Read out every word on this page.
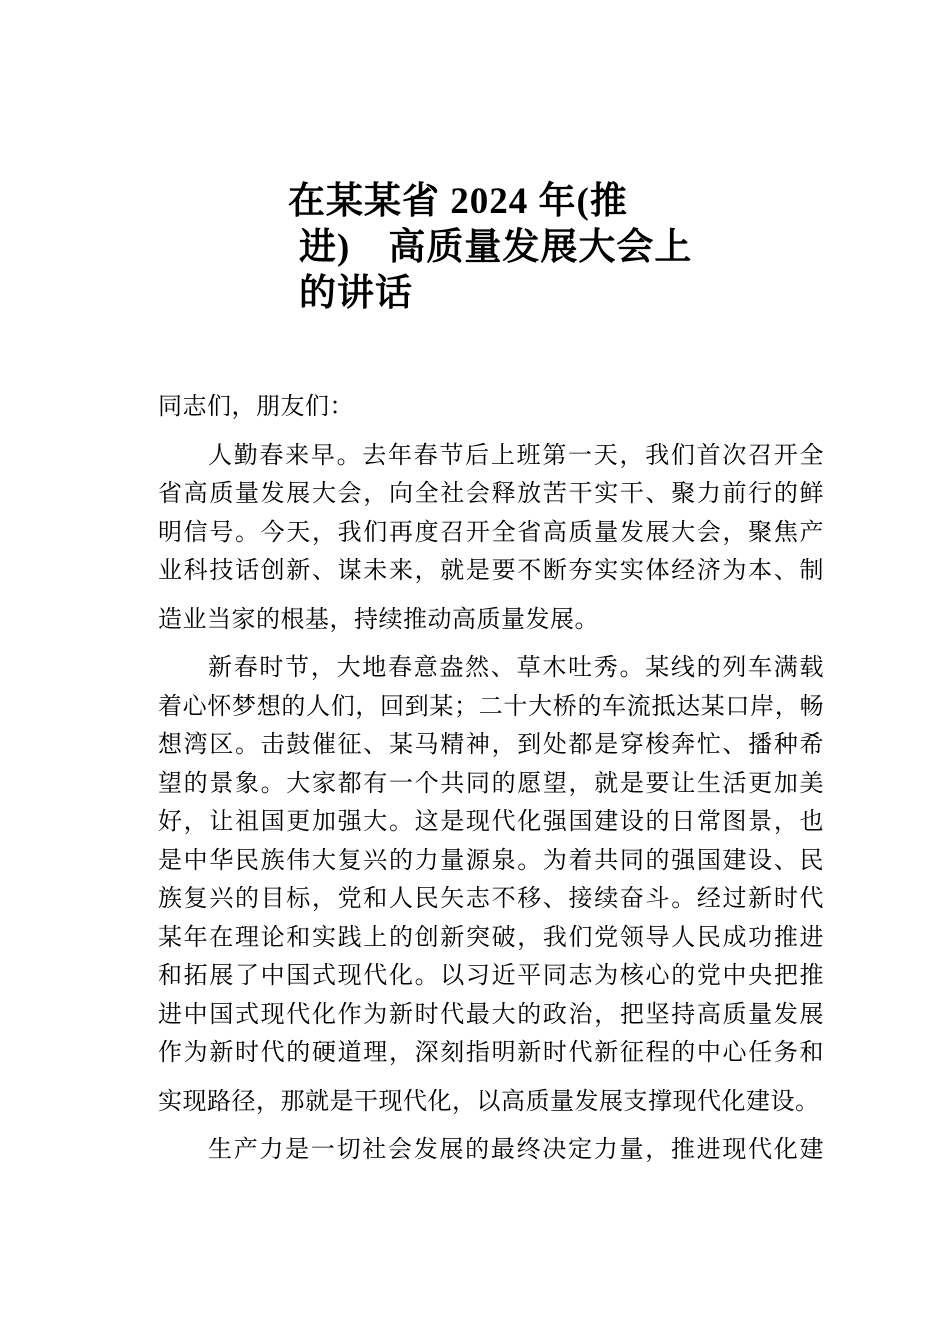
在某某省 2024 年(推
进)　高质量发展大会上
的讲话
同志们，朋友们：
人勤春来早。去年春节后上班第一天，我们首次召开全
省高质量发展大会，向全社会释放苦干实干、聚力前行的鲜
明信号。今天，我们再度召开全省高质量发展大会，聚焦产
业科技话创新、谋未来，就是要不断夯实实体经济为本、制
造业当家的根基，持续推动高质量发展。
新春时节，大地春意盎然、草木吐秀。某线的列车满载
着心怀梦想的人们，回到某；二十大桥的车流抵达某口岸，畅
想湾区。击鼓催征、某马精神，到处都是穿梭奔忙、播种希
望的景象。大家都有一个共同的愿望，就是要让生活更加美
好，让祖国更加强大。这是现代化强国建设的日常图景，也
是中华民族伟大复兴的力量源泉。为着共同的强国建设、民
族复兴的目标，党和人民矢志不移、接续奋斗。经过新时代
某年在理论和实践上的创新突破，我们党领导人民成功推进
和拓展了中国式现代化。以习近平同志为核心的党中央把推
进中国式现代化作为新时代最大的政治，把坚持高质量发展
作为新时代的硬道理，深刻指明新时代新征程的中心任务和
实现路径，那就是干现代化，以高质量发展支撑现代化建设。
生产力是一切社会发展的最终决定力量，推进现代化建
